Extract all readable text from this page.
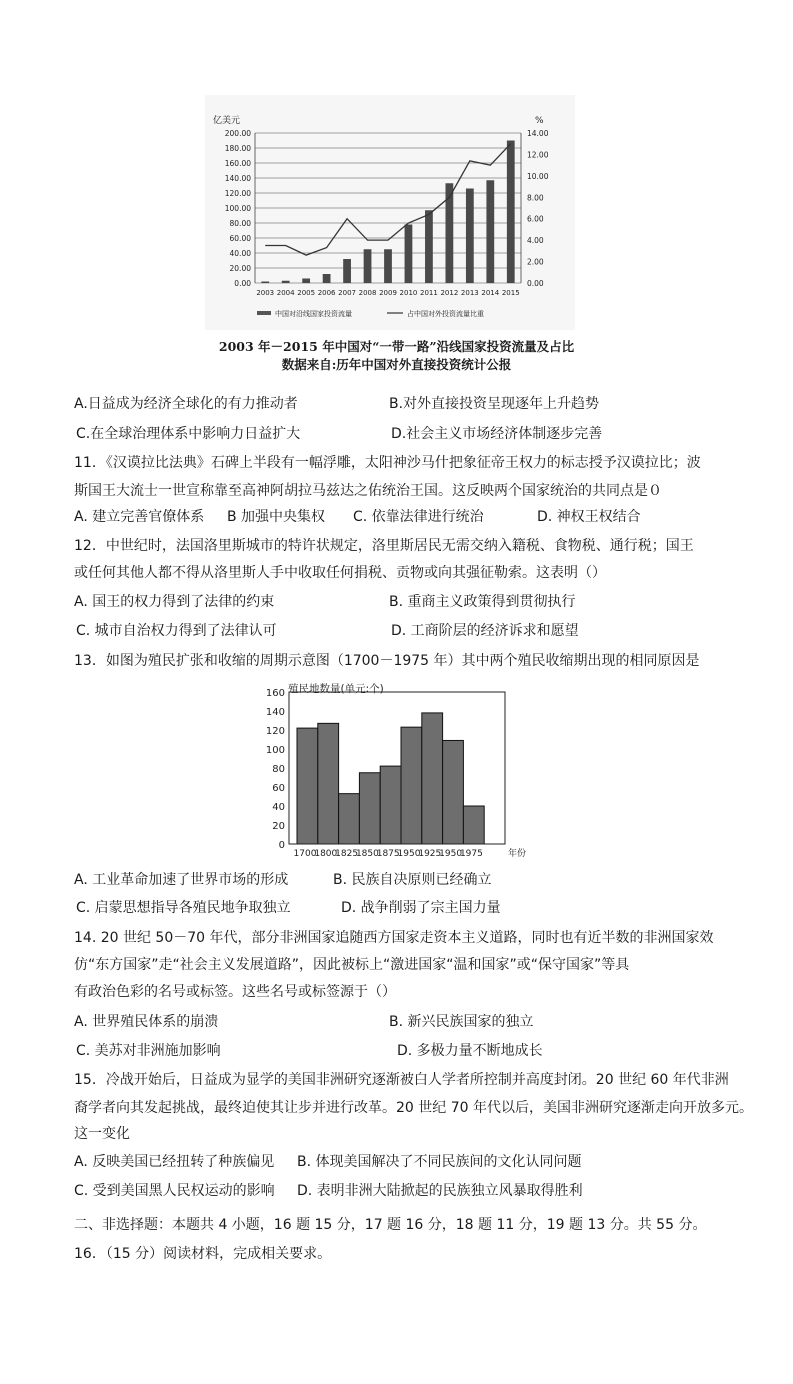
亿美元	%
0.00
20.00
40.00
60.00
80.00
100.00
120.00
140.00
160.00
180.00
200.00
0.00
2.00
4.00
6.00
8.00
10.00
12.00
14.00
2003 2004 2005 2006 2007 2008 2009 2010 2011 2012 2013 2014 2015
中国对沿线国家投资流量	占中国对外投资流量比重
2003 年－2015 年中国对“一带一路”沿线国家投资流量及占比
数据来自:历年中国对外直接投资统计公报
A.日益成为经济全球化的有力推动者	B.对外直接投资呈现逐年上升趋势
C.在全球治理体系中影响力日益扩大	D.社会主义市场经济体制逐步完善
11．《汉谟拉比法典》石碑上半段有一幅浮雕，太阳神沙马什把象征帝王权力的标志授予汉谟拉比；波
斯国王大流士一世宣称靠至高神阿胡拉马兹达之佑统治王国。这反映两个国家统治的共同点是０
A. 建立完善官僚体系 B 加强中央集权 C. 依靠法律进行统治	D. 神权王权结合
12．中世纪时，法国洛里斯城市的特许状规定，洛里斯居民无需交纳入籍税、食物税、通行税；国王
或任何其他人都不得从洛里斯人手中收取任何捐税、贡物或向其强征勒索。这表明（）
A. 国王的权力得到了法律的约束	B. 重商主义政策得到贯彻执行
C. 城市自治权力得到了法律认可	D. 工商阶层的经济诉求和愿望
13．如图为殖民扩张和收缩的周期示意图（1700－1975 年）其中两个殖民收缩期出现的相同原因是
殖民地数量(单元:个)
0
20
40
60
80
100
120
140
160
1700
1800
1825
1850
1875
1950
1925
1950
1975	年份
A. 工业革命加速了世界市场的形成	B. 民族自决原则已经确立
C. 启蒙思想指导各殖民地争取独立	D. 战争削弱了宗主国力量
14. 20 世纪 50－70 年代，部分非洲国家追随西方国家走资本主义道路，同时也有近半数的非洲国家效
仿“东方国家”走“社会主义发展道路”，因此被标上“激进国家“温和国家”或“保守国家”等具
有政治色彩的名号或标签。这些名号或标签源于（）
A. 世界殖民体系的崩溃	B. 新兴民族国家的独立
C. 美苏对非洲施加影响	D. 多极力量不断地成长
15．冷战开始后，日益成为显学的美国非洲研究逐渐被白人学者所控制并高度封闭。20 世纪 60 年代非洲
裔学者向其发起挑战，最终迫使其让步并进行改革。20 世纪 70 年代以后，美国非洲研究逐渐走向开放多元。
这一变化
A. 反映美国已经扭转了种族偏见 B. 体现美国解决了不同民族间的文化认同问题
C. 受到美国黑人民权运动的影响 D. 表明非洲大陆掀起的民族独立风暴取得胜利
二、非选择题：本题共 4 小题，16 题 15 分，17 题 16 分，18 题 11 分，19 题 13 分。共 55 分。
16．（15 分）阅读材料，完成相关要求。
